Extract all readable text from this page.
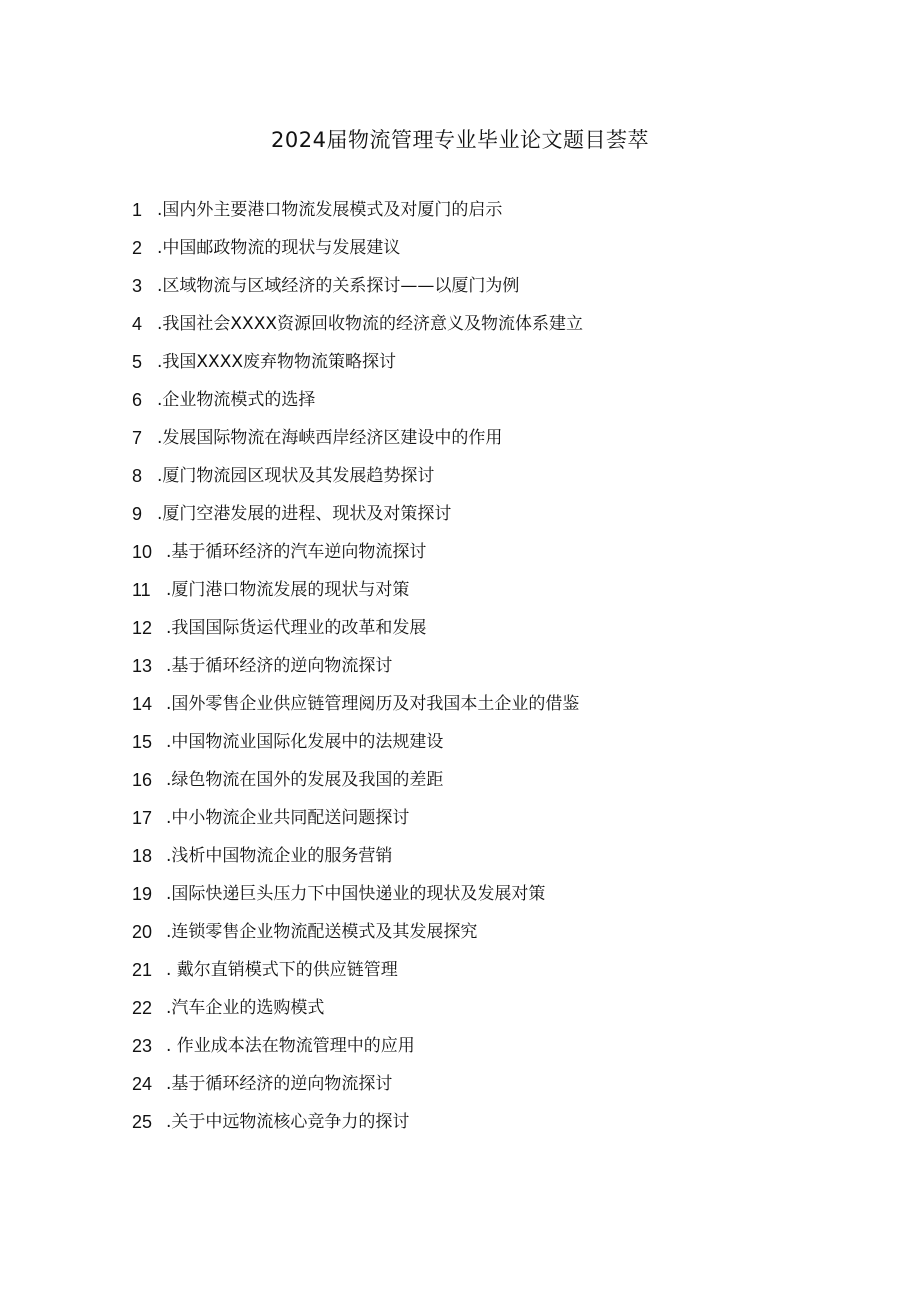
2024届物流管理专业毕业论文题目荟萃
1 .国内外主要港口物流发展模式及对厦门的启示
2 .中国邮政物流的现状与发展建议
3 .区域物流与区域经济的关系探讨——以厦门为例
4 .我国社会XXXX资源回收物流的经济意义及物流体系建立
5 .我国XXXX废弃物物流策略探讨
6 .企业物流模式的选择
7 .发展国际物流在海峡西岸经济区建设中的作用
8 .厦门物流园区现状及其发展趋势探讨
9 .厦门空港发展的进程、现状及对策探讨
10 .基于循环经济的汽车逆向物流探讨
11 .厦门港口物流发展的现状与对策
12 .我国国际货运代理业的改革和发展
13 .基于循环经济的逆向物流探讨
14 .国外零售企业供应链管理阅历及对我国本土企业的借鉴
15 .中国物流业国际化发展中的法规建设
16 .绿色物流在国外的发展及我国的差距
17 .中小物流企业共同配送问题探讨
18 .浅析中国物流企业的服务营销
19 .国际快递巨头压力下中国快递业的现状及发展对策
20 .连锁零售企业物流配送模式及其发展探究
21 . 戴尔直销模式下的供应链管理
22 .汽车企业的选购模式
23 . 作业成本法在物流管理中的应用
24 .基于循环经济的逆向物流探讨
25 .关于中远物流核心竞争力的探讨
